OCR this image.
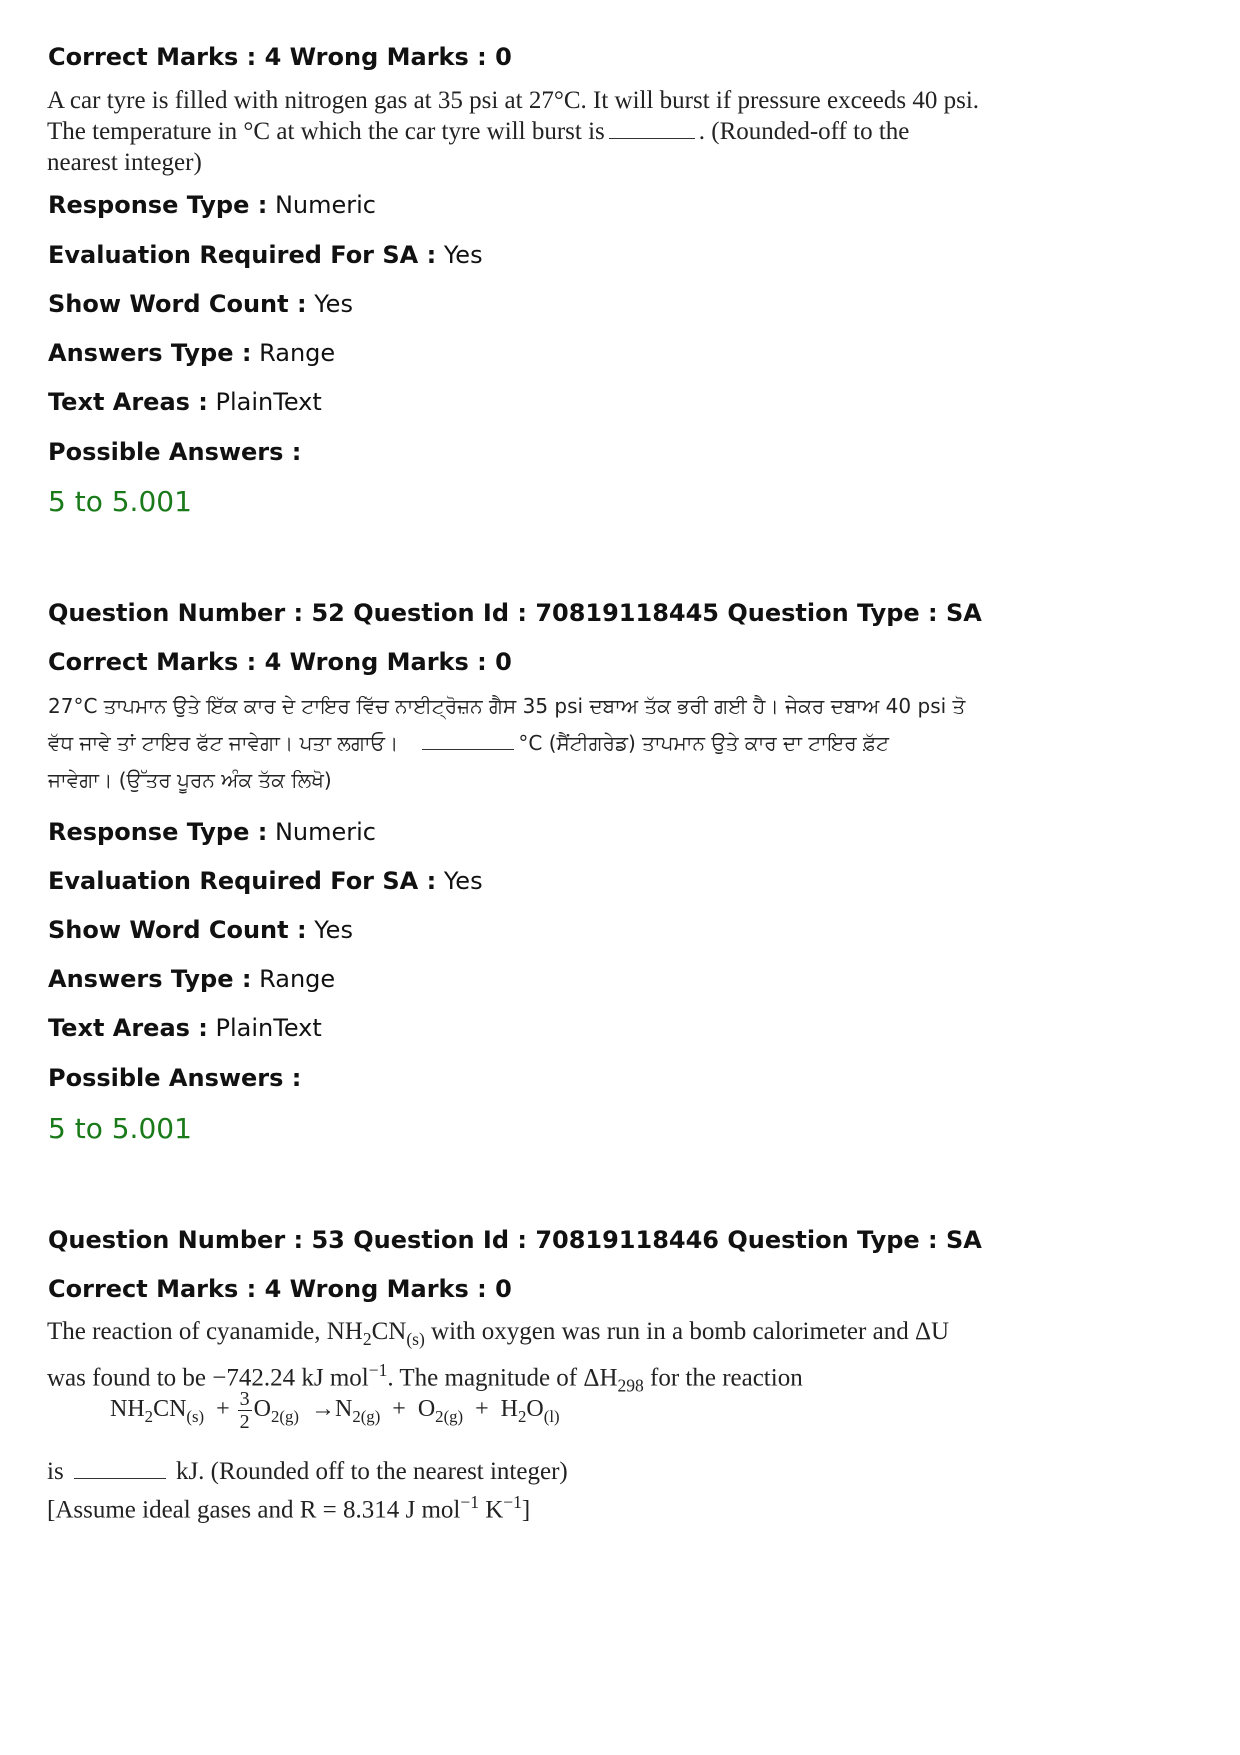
Correct Marks : 4 Wrong Marks : 0
A car tyre is filled with nitrogen gas at 35 psi at 27°C. It will burst if pressure exceeds 40 psi.
The temperature in °C at which the car tyre will burst is	. (Rounded-off to the
nearest integer)
Response Type : Numeric
Evaluation Required For SA : Yes
Show Word Count : Yes
Answers Type : Range
Text Areas : PlainText
Possible Answers :
5 to 5.001
Question Number : 52 Question Id : 70819118445 Question Type : SA
Correct Marks : 4 Wrong Marks : 0
27°C ਤਾਪਮਾਨ ਉਤੇ ਇੱਕ ਕਾਰ ਦੇ ਟਾਇਰ ਵਿੱਚ ਨਾਈਟ੍ਰੋਜ਼ਨ ਗੈਸ 35 psi ਦਬਾਅ ਤੱਕ ਭਰੀ ਗਈ ਹੈ। ਜੇਕਰ ਦਬਾਅ 40 psi ਤੋ
ਵੱਧ ਜਾਵੇ ਤਾਂ ਟਾਇਰ ਫੱਟ ਜਾਵੇਗਾ। ਪਤਾ ਲਗਾਓ।	°C (ਸੈਂਟੀਗਰੇਡ) ਤਾਪਮਾਨ ਉਤੇ ਕਾਰ ਦਾ ਟਾਇਰ ਫ਼ੱਟ
ਜਾਵੇਗਾ। (ਉੱਤਰ ਪੂਰਨ ਅੰਕ ਤੱਕ ਲਿਖੋ)
Response Type : Numeric
Evaluation Required For SA : Yes
Show Word Count : Yes
Answers Type : Range
Text Areas : PlainText
Possible Answers :
5 to 5.001
Question Number : 53 Question Id : 70819118446 Question Type : SA
Correct Marks : 4 Wrong Marks : 0
The reaction of cyanamide, $NH_2CN_{(s)}$ with oxygen was run in a bomb calorimeter and ΔU
was found to be −742.24 kJ mol$^{-1}$. The magnitude of $\Delta H_{298}$ for the reaction
$NH_2CN_{(s)} + \frac{3}{2} O_{2(g)} \to N_{2(g)} + O_{2(g)} + H_2O_{(l)}$
is	kJ. (Rounded off to the nearest integer)
[Assume ideal gases and R = 8.314 J mol$^{-1}$ $K^{-1}$]
